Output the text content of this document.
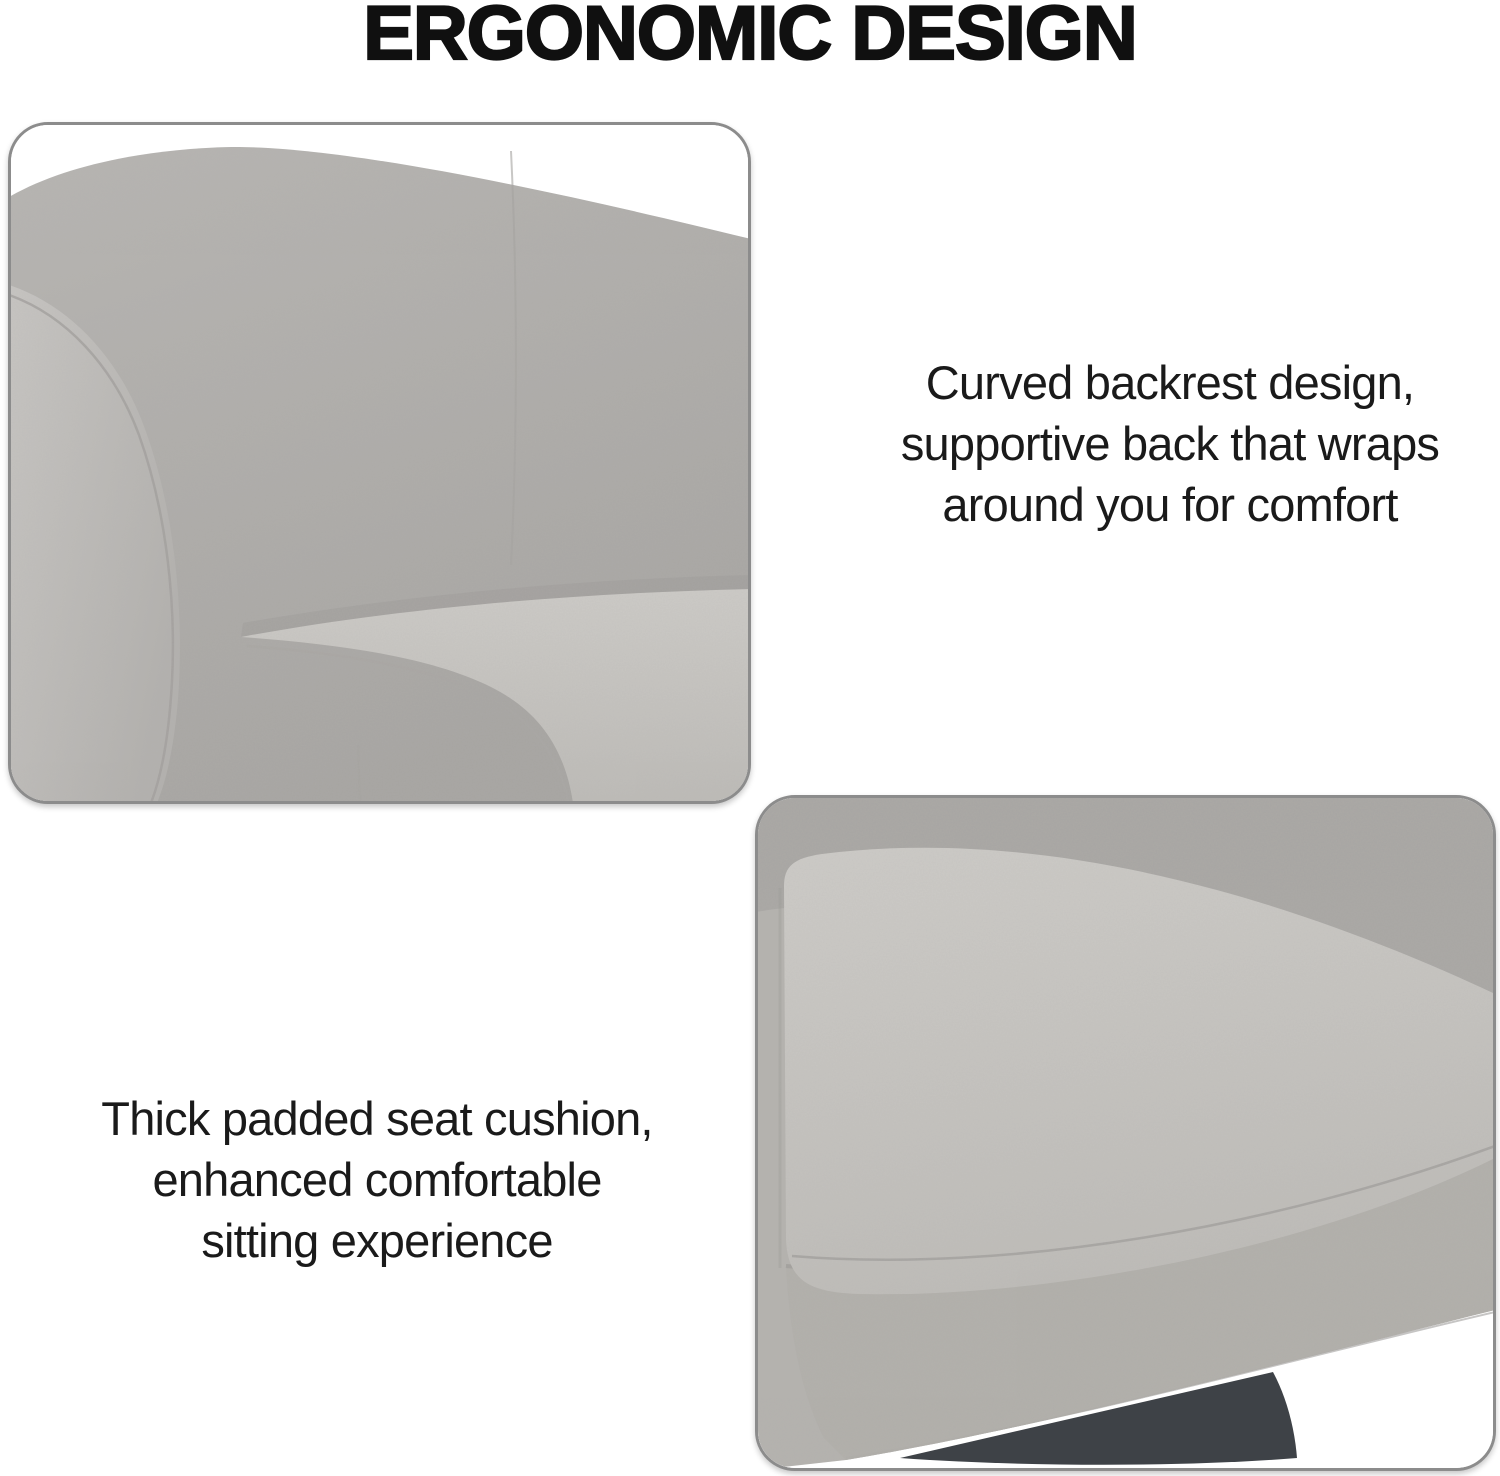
ERGONOMIC DESIGN
Curved backrest design,
supportive back that wraps
around you for comfort
Thick padded seat cushion,
enhanced comfortable
sitting experience
